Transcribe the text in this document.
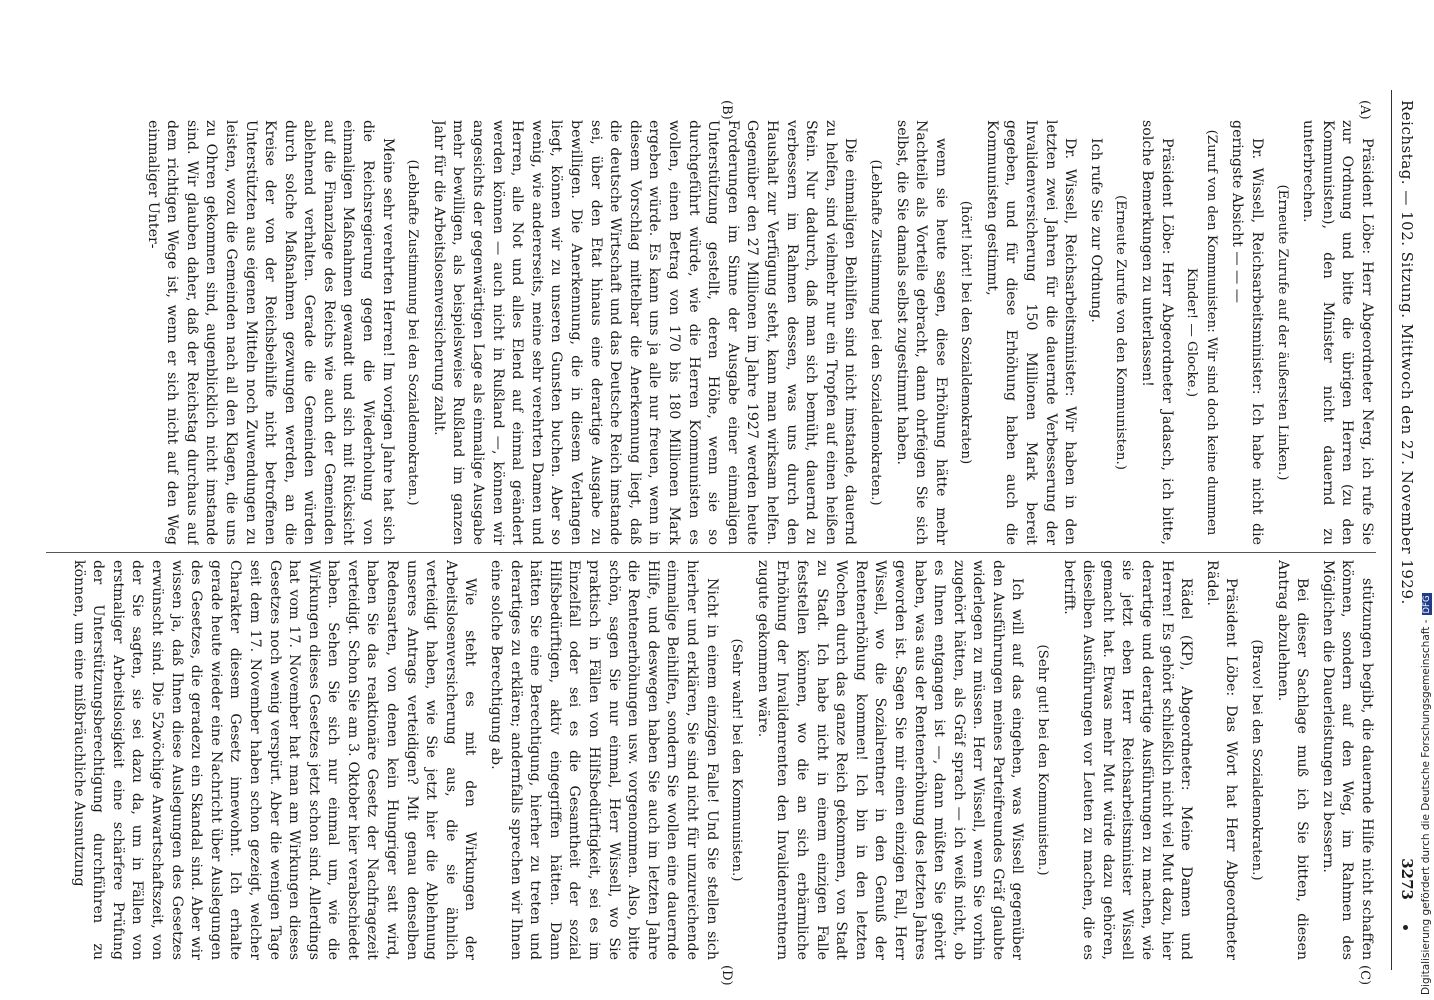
Reichstag. — 102. Sitzung. Mittwoch den 27. November 1929.
3273
(A)
(B)
(C)
(D)

Präsident Löbe: Herr Abgeordneter Nerg, ich rufe Sie zur Ordnung und bitte die übrigen Herren (zu den Kommunisten), den Minister nicht dauernd zu unterbrechen.

(Erneute Zurufe auf der äußersten Linken.)

Dr. Wissell, Reichsarbeitsminister: Ich habe nicht die geringste Absicht — — —

(Zuruf von den Kommunisten: Wir sind doch keine dummen Kinder! — Glocke.)

Präsident Löbe: Herr Abgeordneter Jadasch, ich bitte, solche Bemerkungen zu unterlassen!

(Erneute Zurufe von den Kommunisten.)

Ich rufe Sie zur Ordnung.

Dr. Wissell, Reichsarbeitsminister: Wir haben in den letzten zwei Jahren für die dauernde Verbesserung der Invalidenversicherung 150 Millionen Mark bereit gegeben, und für diese Erhöhung haben auch die Kommunisten gestimmt,

(hört! hört! bei den Sozialdemokraten)

wenn sie heute sagen, diese Erhöhung hätte mehr Nachteile als Vorteile gebracht, dann ohrfeigen Sie sich selbst, die Sie damals selbst zugestimmt haben.

(Lebhafte Zustimmung bei den Sozialdemokraten.)

Die einmaligen Beihilfen sind nicht imstande, dauernd zu helfen, sind vielmehr nur ein Tropfen auf einen heißen Stein. Nur dadurch, daß man sich bemüht, dauernd zu verbessern im Rahmen dessen, was uns durch den Haushalt zur Verfügung steht, kann man wirksam helfen. Gegenüber den 27 Millionen im Jahre 1927 werden heute Forderungen im Sinne der Ausgabe einer einmaligen Unterstützung gestellt, deren Höhe, wenn sie so durchgeführt würde, wie die Herren Kommunisten es wollen, einen Betrag von 170 bis 180 Millionen Mark ergeben würde. Es kann uns ja alle nur freuen, wenn in diesem Vorschlag mittelbar die Anerkennung liegt, daß die deutsche Wirtschaft und das Deutsche Reich imstande sei, über den Etat hinaus eine derartige Ausgabe zu bewilligen. Die Anerkennung, die in diesem Verlangen liegt, können wir zu unseren Gunsten buchen. Aber so wenig, wie andererseits, meine sehr verehrten Damen und Herren, alle Not und alles Elend auf einmal geändert werden können — auch nicht in Rußland —, können wir angesichts der gegenwärtigen Lage als einmalige Ausgabe mehr bewilligen, als beispielsweise Rußland im ganzen Jahr für die Arbeitslosenversicherung zahlt.

(Lebhafte Zustimmung bei den Sozialdemokraten.)

Meine sehr verehrten Herren! Im vorigen Jahre hat sich die Reichsregierung gegen die Wiederholung von einmaligen Maßnahmen gewandt und sich mit Rücksicht auf die Finanzlage des Reichs wie auch der Gemeinden ablehnend verhalten. Gerade die Gemeinden würden durch solche Maßnahmen gezwungen werden, an die Kreise der von der Reichsbeihilfe nicht betroffenen Unterstützten aus eigenen Mitteln noch Zuwendungen zu leisten, wozu die Gemeinden nach all den Klagen, die uns zu Ohren gekommen sind, augenblicklich nicht imstande sind. Wir glauben daher, daß der Reichstag durchaus auf dem richtigen Wege ist, wenn er sich nicht auf den Weg einmaliger Unter-

stützungen begibt, die dauernde Hilfe nicht schaffen können, sondern auf den Weg, im Rahmen des Möglichen die Dauerleistungen zu bessern.

Bei dieser Sachlage muß ich Sie bitten, diesen Antrag abzulehnen.

(Bravo! bei den Sozialdemokraten.)

Präsident Löbe: Das Wort hat Herr Abgeordneter Rädel.

Rädel (KP), Abgeordneter: Meine Damen und Herren! Es gehört schließlich nicht viel Mut dazu, hier derartige und derartige Ausführungen zu machen, wie sie jetzt eben Herr Reichsarbeitsminister Wissell gemacht hat. Etwas mehr Mut würde dazu gehören, dieselben Ausführungen vor Leuten zu machen, die es betrifft.

(Sehr gut! bei den Kommunisten.)

Ich will auf das eingehen, was Wissell gegenüber den Ausführungen meines Parteifreundes Gräf glaubte widerlegen zu müssen. Herr Wissell, wenn Sie vorhin zugehört hätten, als Gräf sprach — ich weiß nicht, ob es Ihnen entgangen ist —, dann müßten Sie gehört haben, was aus der Rentenerhöhung des letzten Jahres geworden ist. Sagen Sie mir einen einzigen Fall, Herr Wissell, wo die Sozialrentner in den Genuß der Rentenerhöhung kommen! Ich bin in den letzten Wochen durch das ganze Reich gekommen, von Stadt zu Stadt. Ich habe nicht in einem einzigen Falle feststellen können, wo die an sich erbärmliche Erhöhung der Invalidenrenten den Invalidenrentnern zugute gekommen wäre.

(Sehr wahr! bei den Kommunisten.)

Nicht in einem einzigen Falle! Und Sie stellen sich hierher und erklären, Sie sind nicht für unzureichende einmalige Beihilfen, sondern Sie wollen eine dauernde Hilfe, und deswegen haben Sie auch im letzten Jahre die Rentenerhöhungen usw. vorgenommen. Also, bitte schön, sagen Sie nur einmal, Herr Wissell, wo Sie praktisch in Fällen von Hilfsbedürftigkeit, sei es im Einzelfall oder sei es die Gesamtheit der sozial Hilfsbedürftigen, aktiv eingegriffen hätten. Dann hätten Sie eine Berechtigung, hierher zu treten und derartiges zu erklären; andernfalls sprechen wir Ihnen eine solche Berechtigung ab.

Wie steht es mit den Wirkungen der Arbeitslosenversicherung aus, die sie ähnlich verteidigt haben, wie Sie jetzt hier die Ablehnung unseres Antrags verteidigen? Mit genau denselben Redensarten, von denen kein Hungriger satt wird, haben Sie das reaktionäre Gesetz der Nachfragezeit verteidigt. Schon Sie am 3. Oktober hier verabschiedet haben. Sehen Sie sich nur einmal um, wie die Wirkungen dieses Gesetzes jetzt schon sind. Allerdings hat vom 17. November hat man am Wirkungen dieses Gesetzes noch wenig verspürt. Aber die wenigen Tage seit dem 17. November haben schon gezeigt, welcher Charakter diesem Gesetz innewohnt. Ich erhalte gerade heute wieder eine Nachricht über Auslegungen des Gesetzes, die geradezu ein Skandal sind. Aber wir wissen ja, daß Ihnen diese Auslegungen des Gesetzes erwünscht sind. Die 52wöchige Anwartschaftszeit, von der Sie sagten, sie sei dazu da, um in Fällen von erstmaliger Arbeitslosigkeit eine schärfere Prüfung der Unterstützungsberechtigung durchführen zu können, um eine mißbräuchliche Ausnutzung	Digitalisierung gefördert durch die Deutsche Forschungsgemeinschaft -DFG
